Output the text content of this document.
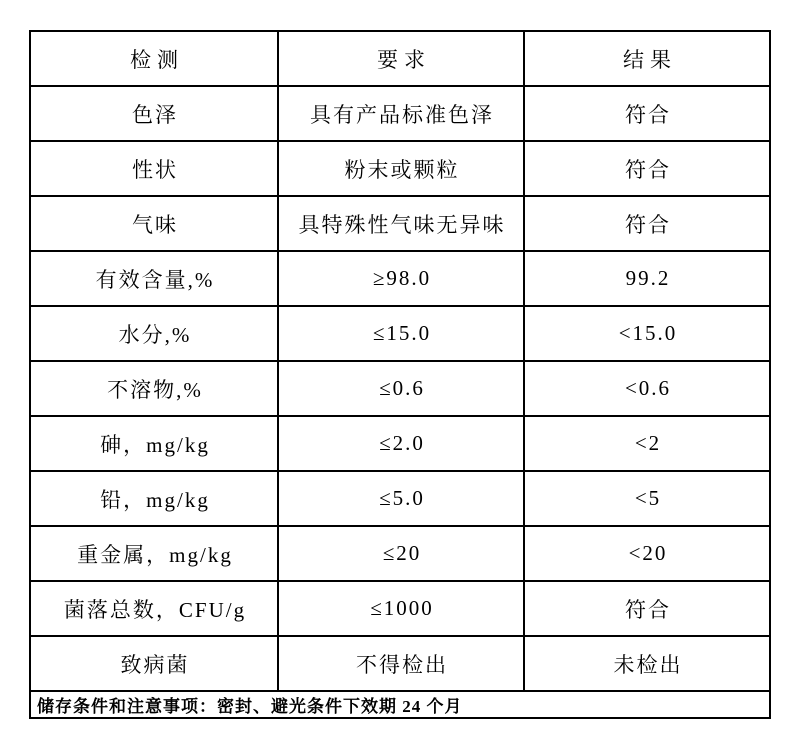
检测	要求	结果
色泽	具有产品标准色泽	符合
性状	粉末或颗粒	符合
气味	具特殊性气味无异味	符合
有效含量,%	≥98.0	99.2
水分,%	≤15.0	<15.0
不溶物,%	≤0.6	<0.6
砷，mg/kg	≤2.0	<2
铅，mg/kg	≤5.0	<5
重金属，mg/kg	≤20	<20
菌落总数，CFU/g	≤1000	符合
致病菌	不得检出	未检出
储存条件和注意事项：密封、避光条件下效期 24 个月		
